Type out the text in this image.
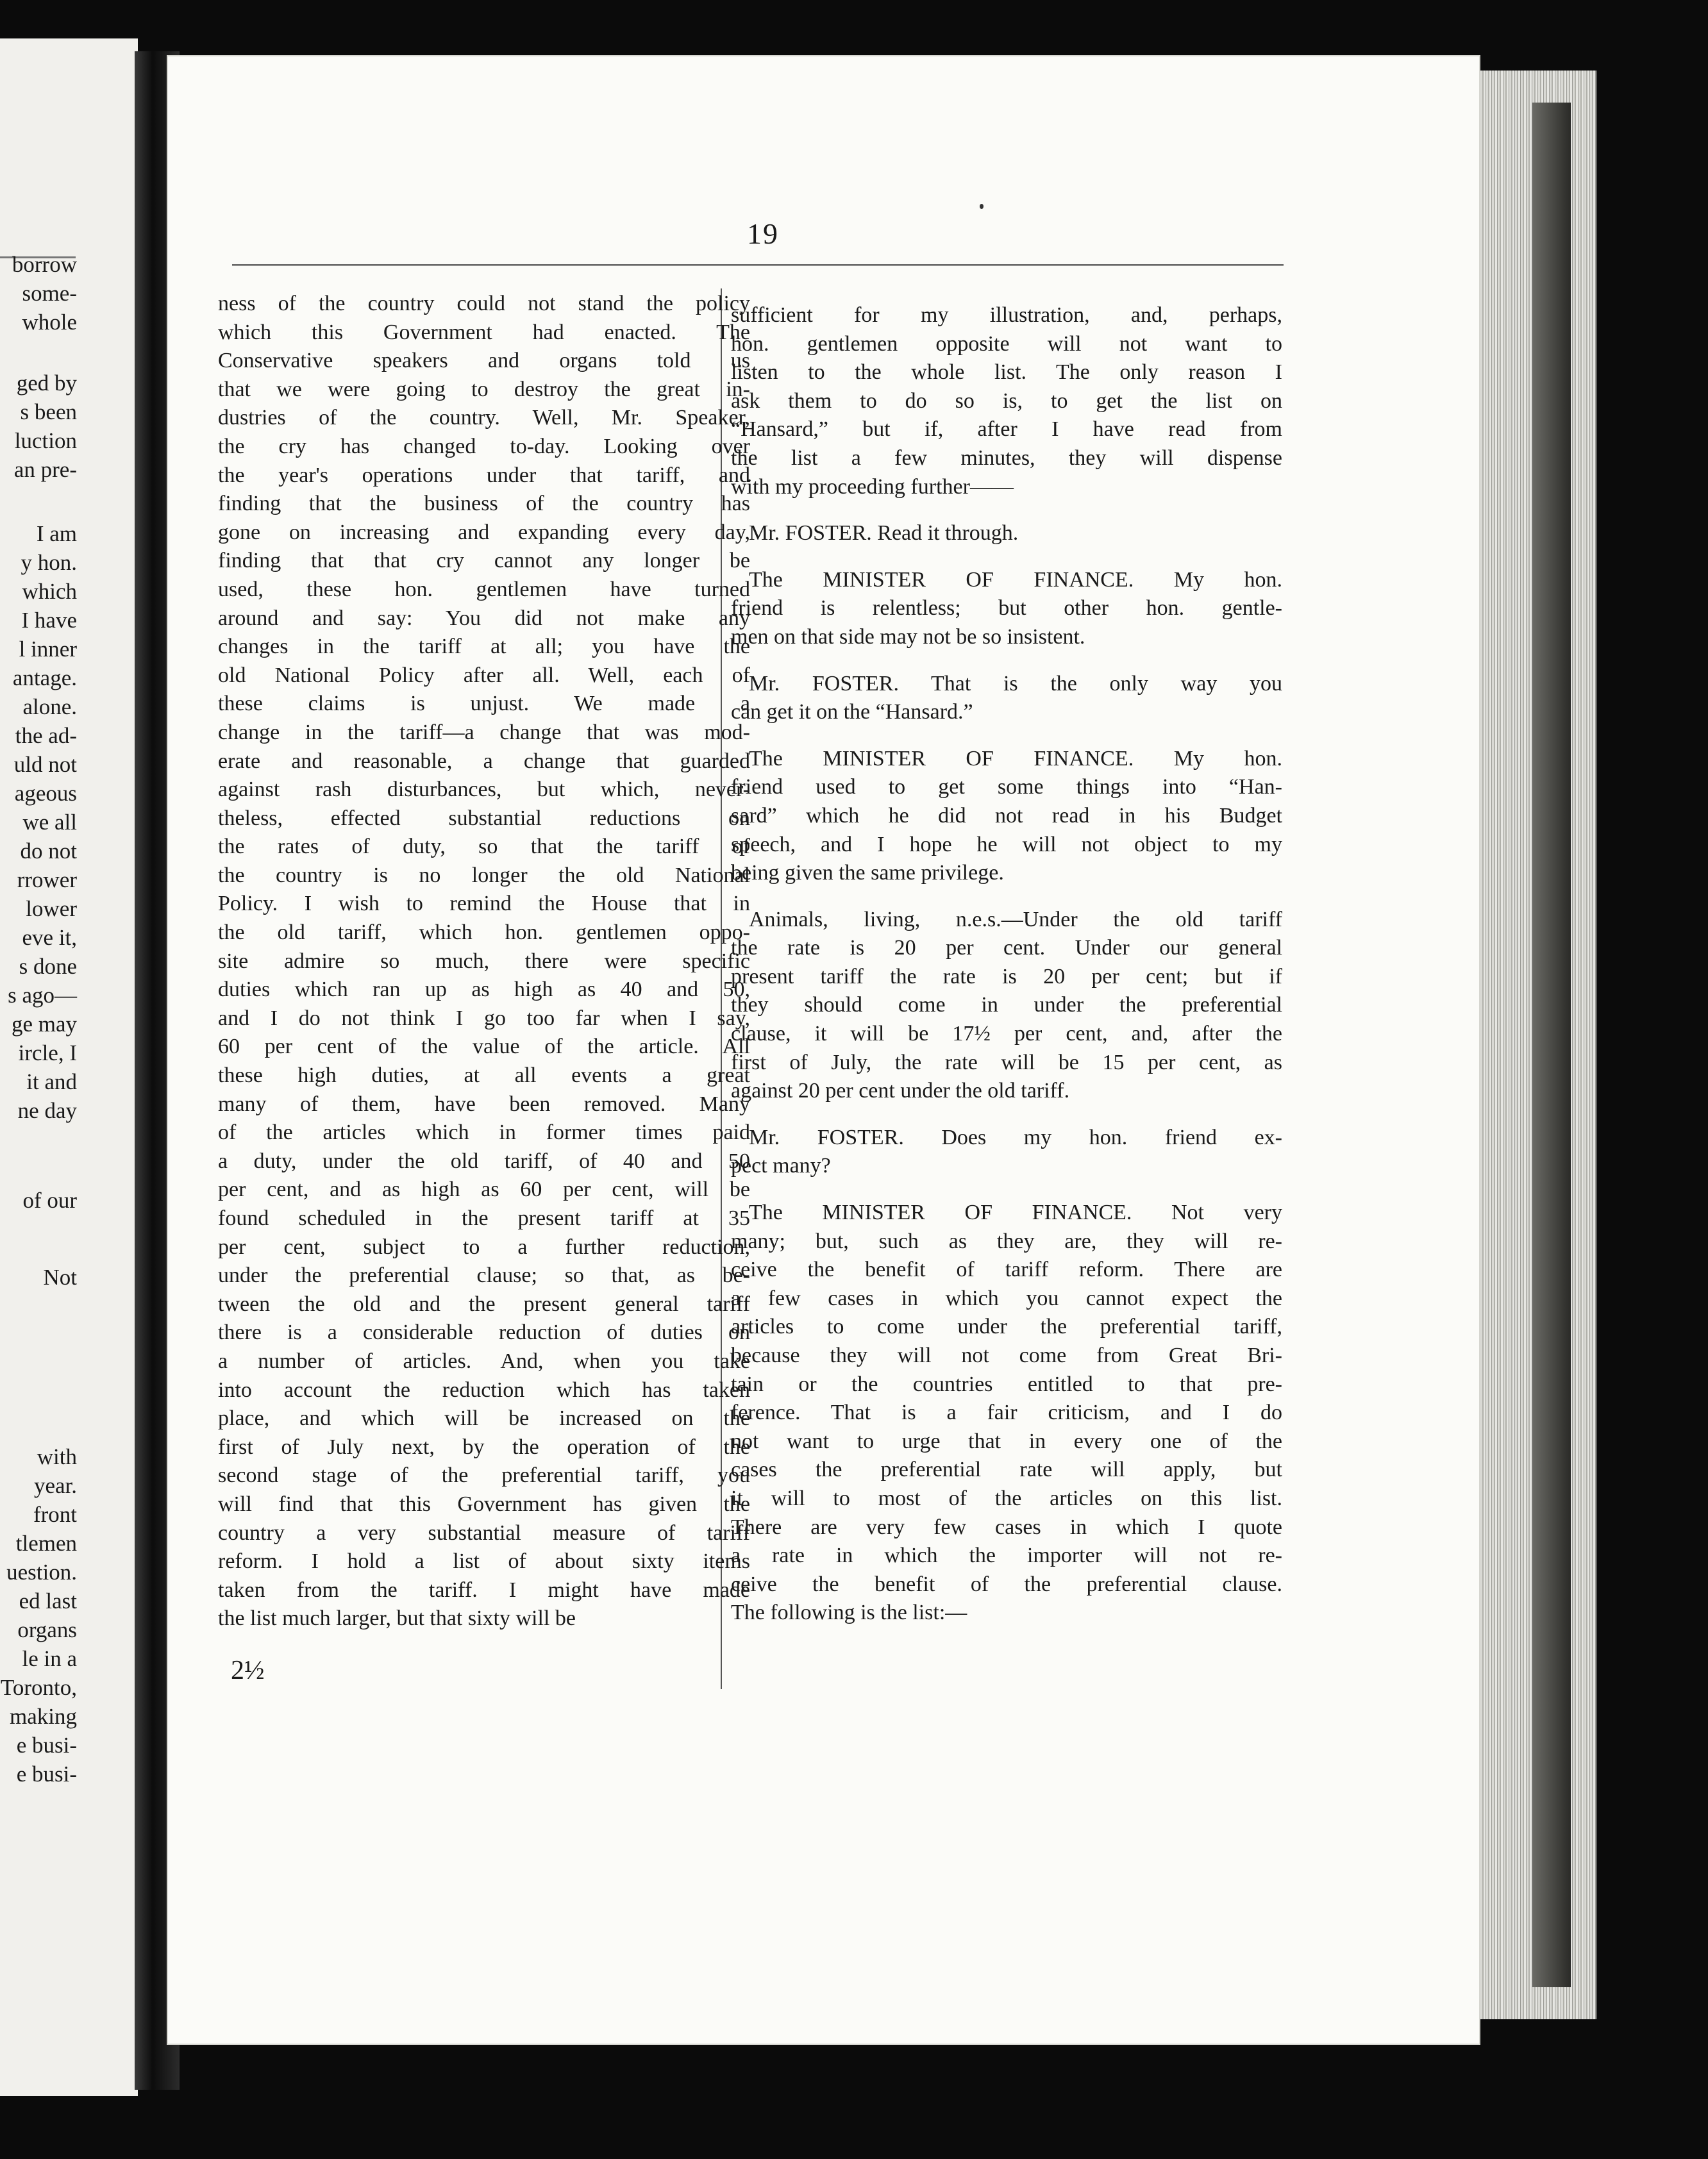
borrow
some-
whole
ged by
s been
luction
an pre-
I am
y hon.
which
I have
l inner
antage.
alone.
the ad-
uld not
ageous
we all
do not
rrower
lower
eve it,
s done
s ago—
ge may
ircle, I
it and
ne day
of our
Not
with
year.
front
tlemen
uestion.
ed last
organs
le in a
Toronto,
making
e busi-
e busi-
19
ness of the country could not stand the policy
which this Government had enacted. The
Conservative speakers and organs told us
that we were going to destroy the great in-
dustries of the country. Well, Mr. Speaker,
the cry has changed to-day. Looking over
the year's operations under that tariff, and
finding that the business of the country has
gone on increasing and expanding every day,
finding that that cry cannot any longer be
used, these hon. gentlemen have turned
around and say: You did not make any
changes in the tariff at all; you have the
old National Policy after all. Well, each of
these claims is unjust. We made a
change in the tariff—a change that was mod-
erate and reasonable, a change that guarded
against rash disturbances, but which, never-
theless, effected substantial reductions on
the rates of duty, so that the tariff of
the country is no longer the old National
Policy. I wish to remind the House that in
the old tariff, which hon. gentlemen oppo-
site admire so much, there were specific
duties which ran up as high as 40 and 50,
and I do not think I go too far when I say,
60 per cent of the value of the article. All
these high duties, at all events a great
many of them, have been removed. Many
of the articles which in former times paid
a duty, under the old tariff, of 40 and 50
per cent, and as high as 60 per cent, will be
found scheduled in the present tariff at 35
per cent, subject to a further reduction,
under the preferential clause; so that, as be-
tween the old and the present general tariff
there is a considerable reduction of duties on
a number of articles. And, when you take
into account the reduction which has taken
place, and which will be increased on the
first of July next, by the operation of the
second stage of the preferential tariff, you
will find that this Government has given the
country a very substantial measure of tariff
reform. I hold a list of about sixty items
taken from the tariff. I might have made
the list much larger, but that sixty will be
sufficient for my illustration, and, perhaps,
hon. gentlemen opposite will not want to
listen to the whole list. The only reason I
ask them to do so is, to get the list on
“Hansard,” but if, after I have read from
the list a few minutes, they will dispense
with my proceeding further——
Mr. FOSTER. Read it through.
The MINISTER OF FINANCE. My hon.
friend is relentless; but other hon. gentle-
men on that side may not be so insistent.
Mr. FOSTER. That is the only way you
can get it on the “Hansard.”
The MINISTER OF FINANCE. My hon.
friend used to get some things into “Han-
sard” which he did not read in his Budget
speech, and I hope he will not object to my
being given the same privilege.
Animals, living, n.e.s.—Under the old tariff
the rate is 20 per cent. Under our general
present tariff the rate is 20 per cent; but if
they should come in under the preferential
clause, it will be 17½ per cent, and, after the
first of July, the rate will be 15 per cent, as
against 20 per cent under the old tariff.
Mr. FOSTER. Does my hon. friend ex-
pect many?
The MINISTER OF FINANCE. Not very
many; but, such as they are, they will re-
ceive the benefit of tariff reform. There are
a few cases in which you cannot expect the
articles to come under the preferential tariff,
because they will not come from Great Bri-
tain or the countries entitled to that pre-
ference. That is a fair criticism, and I do
not want to urge that in every one of the
cases the preferential rate will apply, but
it will to most of the articles on this list.
There are very few cases in which I quote
a rate in which the importer will not re-
ceive the benefit of the preferential clause.
The following is the list:—
2½
